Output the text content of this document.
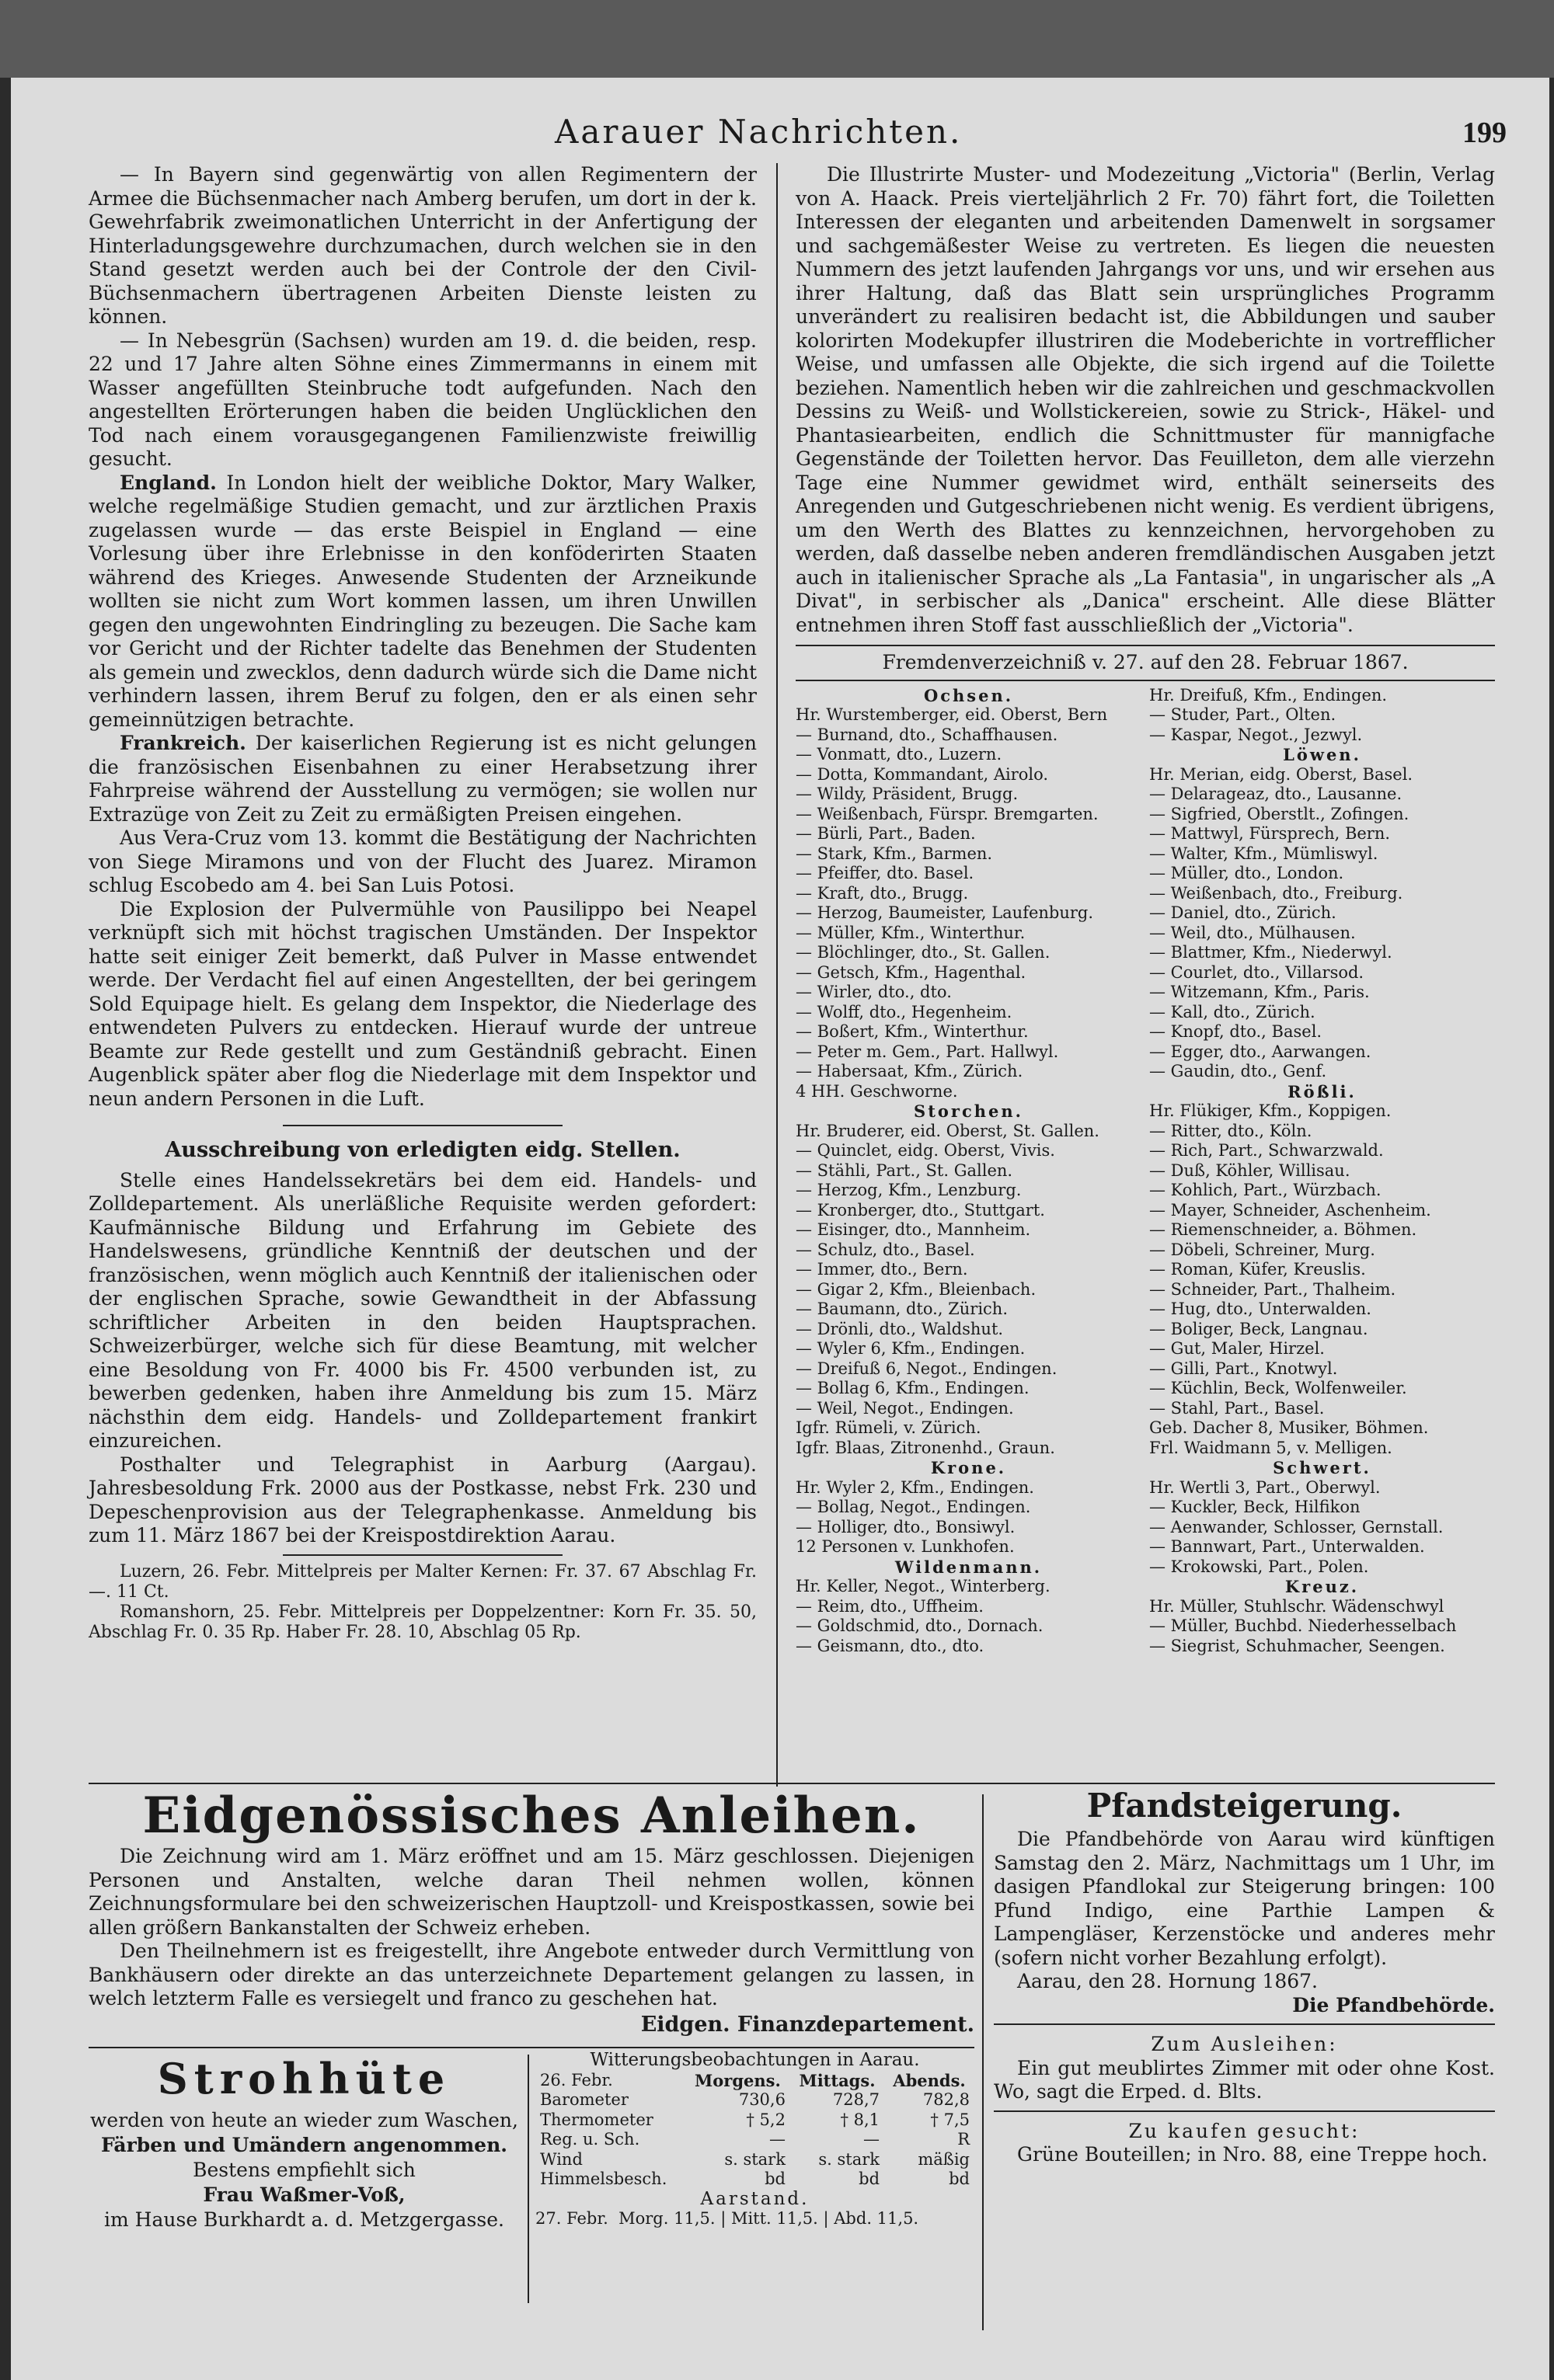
Aarauer Nachrichten.	199

— In Bayern sind gegenwärtig von allen Regimentern der Armee die Büchsenmacher nach Amberg berufen, um dort in der k. Gewehrfabrik zweimonatlichen Unterricht in der Anfertigung der Hinterladungsgewehre durchzumachen, durch welchen sie in den Stand gesetzt werden auch bei der Controle der den Civil-Büchsenmachern übertragenen Arbeiten Dienste leisten zu können.

— In Nebesgrün (Sachsen) wurden am 19. d. die beiden, resp. 22 und 17 Jahre alten Söhne eines Zimmermanns in einem mit Wasser angefüllten Steinbruche todt aufgefunden. Nach den angestellten Erörterungen haben die beiden Unglücklichen den Tod nach einem vorausgegangenen Familienzwiste freiwillig gesucht.

England. In London hielt der weibliche Doktor, Mary Walker, welche regelmäßige Studien gemacht, und zur ärztlichen Praxis zugelassen wurde — das erste Beispiel in England — eine Vorlesung über ihre Erlebnisse in den konföderirten Staaten während des Krieges. Anwesende Studenten der Arzneikunde wollten sie nicht zum Wort kommen lassen, um ihren Unwillen gegen den ungewohnten Eindringling zu bezeugen. Die Sache kam vor Gericht und der Richter tadelte das Benehmen der Studenten als gemein und zwecklos, denn dadurch würde sich die Dame nicht verhindern lassen, ihrem Beruf zu folgen, den er als einen sehr gemeinnützigen betrachte.

Frankreich. Der kaiserlichen Regierung ist es nicht gelungen die französischen Eisenbahnen zu einer Herabsetzung ihrer Fahrpreise während der Ausstellung zu vermögen; sie wollen nur Extrazüge von Zeit zu Zeit zu ermäßigten Preisen eingehen.

Aus Vera-Cruz vom 13. kommt die Bestätigung der Nachrichten von Siege Miramons und von der Flucht des Juarez. Miramon schlug Escobedo am 4. bei San Luis Potosi.

Die Explosion der Pulvermühle von Pausilippo bei Neapel verknüpft sich mit höchst tragischen Umständen. Der Inspektor hatte seit einiger Zeit bemerkt, daß Pulver in Masse entwendet werde. Der Verdacht fiel auf einen Angestellten, der bei geringem Sold Equipage hielt. Es gelang dem Inspektor, die Niederlage des entwendeten Pulvers zu entdecken. Hierauf wurde der untreue Beamte zur Rede gestellt und zum Geständniß gebracht. Einen Augenblick später aber flog die Niederlage mit dem Inspektor und neun andern Personen in die Luft.

Ausschreibung von erledigten eidg. Stellen.

Stelle eines Handelssekretärs bei dem eid. Handels- und Zolldepartement. Als unerläßliche Requisite werden gefordert: Kaufmännische Bildung und Erfahrung im Gebiete des Handelswesens, gründliche Kenntniß der deutschen und der französischen, wenn möglich auch Kenntniß der italienischen oder der englischen Sprache, sowie Gewandtheit in der Abfassung schriftlicher Arbeiten in den beiden Hauptsprachen. Schweizerbürger, welche sich für diese Beamtung, mit welcher eine Besoldung von Fr. 4000 bis Fr. 4500 verbunden ist, zu bewerben gedenken, haben ihre Anmeldung bis zum 15. März nächsthin dem eidg. Handels- und Zolldepartement frankirt einzureichen.

Posthalter und Telegraphist in Aarburg (Aargau). Jahresbesoldung Frk. 2000 aus der Postkasse, nebst Frk. 230 und Depeschenprovision aus der Telegraphenkasse. Anmeldung bis zum 11. März 1867 bei der Kreispostdirektion Aarau.

Luzern, 26. Febr. Mittelpreis per Malter Kernen: Fr. 37. 67 Abschlag Fr. —. 11 Ct.

Romanshorn, 25. Febr. Mittelpreis per Doppelzentner: Korn Fr. 35. 50, Abschlag Fr. 0. 35 Rp. Haber Fr. 28. 10, Abschlag 05 Rp.

Die Illustrirte Muster- und Modezeitung „Victoria" (Berlin, Verlag von A. Haack. Preis vierteljährlich 2 Fr. 70) fährt fort, die Toiletten Interessen der eleganten und arbeitenden Damenwelt in sorgsamer und sachgemäßester Weise zu vertreten. Es liegen die neuesten Nummern des jetzt laufenden Jahrgangs vor uns, und wir ersehen aus ihrer Haltung, daß das Blatt sein ursprüngliches Programm unverändert zu realisiren bedacht ist, die Abbildungen und sauber kolorirten Modekupfer illustriren die Modeberichte in vortrefflicher Weise, und umfassen alle Objekte, die sich irgend auf die Toilette beziehen. Namentlich heben wir die zahlreichen und geschmackvollen Dessins zu Weiß- und Wollstickereien, sowie zu Strick-, Häkel- und Phantasiearbeiten, endlich die Schnittmuster für mannigfache Gegenstände der Toiletten hervor. Das Feuilleton, dem alle vierzehn Tage eine Nummer gewidmet wird, enthält seinerseits des Anregenden und Gutgeschriebenen nicht wenig. Es verdient übrigens, um den Werth des Blattes zu kennzeichnen, hervorgehoben zu werden, daß dasselbe neben anderen fremdländischen Ausgaben jetzt auch in italienischer Sprache als „La Fantasia", in ungarischer als „A Divat", in serbischer als „Danica" erscheint. Alle diese Blätter entnehmen ihren Stoff fast ausschließlich der „Victoria".

Fremdenverzeichniß v. 27. auf den 28. Februar 1867.
Ochsen.
Hr. Wurstemberger, eid. Oberst, Bern
— Burnand, dto., Schaffhausen.
— Vonmatt, dto., Luzern.
— Dotta, Kommandant, Airolo.
— Wildy, Präsident, Brugg.
— Weißenbach, Fürspr. Bremgarten.
— Bürli, Part., Baden.
— Stark, Kfm., Barmen.
— Pfeiffer, dto. Basel.
— Kraft, dto., Brugg.
— Herzog, Baumeister, Laufenburg.
— Müller, Kfm., Winterthur.
— Blöchlinger, dto., St. Gallen.
— Getsch, Kfm., Hagenthal.
— Wirler, dto., dto.
— Wolff, dto., Hegenheim.
— Boßert, Kfm., Winterthur.
— Peter m. Gem., Part. Hallwyl.
— Habersaat, Kfm., Zürich.
4 HH. Geschworne.
Storchen.
Hr. Bruderer, eid. Oberst, St. Gallen.
— Quinclet, eidg. Oberst, Vivis.
— Stähli, Part., St. Gallen.
— Herzog, Kfm., Lenzburg.
— Kronberger, dto., Stuttgart.
— Eisinger, dto., Mannheim.
— Schulz, dto., Basel.
— Immer, dto., Bern.
— Gigar 2, Kfm., Bleienbach.
— Baumann, dto., Zürich.
— Drönli, dto., Waldshut.
— Wyler 6, Kfm., Endingen.
— Dreifuß 6, Negot., Endingen.
— Bollag 6, Kfm., Endingen.
— Weil, Negot., Endingen.
Igfr. Rümeli, v. Zürich.
Igfr. Blaas, Zitronenhd., Graun.
Krone.
Hr. Wyler 2, Kfm., Endingen.
— Bollag, Negot., Endingen.
— Holliger, dto., Bonsiwyl.
12 Personen v. Lunkhofen.
Wildenmann.
Hr. Keller, Negot., Winterberg.
— Reim, dto., Uffheim.
— Goldschmid, dto., Dornach.
— Geismann, dto., dto.
Hr. Dreifuß, Kfm., Endingen.
— Studer, Part., Olten.
— Kaspar, Negot., Jezwyl.
Löwen.
Hr. Merian, eidg. Oberst, Basel.
— Delarageaz, dto., Lausanne.
— Sigfried, Oberstlt., Zofingen.
— Mattwyl, Fürsprech, Bern.
— Walter, Kfm., Mümliswyl.
— Müller, dto., London.
— Weißenbach, dto., Freiburg.
— Daniel, dto., Zürich.
— Weil, dto., Mülhausen.
— Blattmer, Kfm., Niederwyl.
— Courlet, dto., Villarsod.
— Witzemann, Kfm., Paris.
— Kall, dto., Zürich.
— Knopf, dto., Basel.
— Egger, dto., Aarwangen.
— Gaudin, dto., Genf.
Rößli.
Hr. Flükiger, Kfm., Koppigen.
— Ritter, dto., Köln.
— Rich, Part., Schwarzwald.
— Duß, Köhler, Willisau.
— Kohlich, Part., Würzbach.
— Mayer, Schneider, Aschenheim.
— Riemenschneider, a. Böhmen.
— Döbeli, Schreiner, Murg.
— Roman, Küfer, Kreuslis.
— Schneider, Part., Thalheim.
— Hug, dto., Unterwalden.
— Boliger, Beck, Langnau.
— Gut, Maler, Hirzel.
— Gilli, Part., Knotwyl.
— Küchlin, Beck, Wolfenweiler.
— Stahl, Part., Basel.
Geb. Dacher 8, Musiker, Böhmen.
Frl. Waidmann 5, v. Melligen.
Schwert.
Hr. Wertli 3, Part., Oberwyl.
— Kuckler, Beck, Hilfikon
— Aenwander, Schlosser, Gernstall.
— Bannwart, Part., Unterwalden.
— Krokowski, Part., Polen.
Kreuz.
Hr. Müller, Stuhlschr. Wädenschwyl
— Müller, Buchbd. Niederhesselbach
— Siegrist, Schuhmacher, Seengen.
Eidgenössisches Anleihen.

Die Zeichnung wird am 1. März eröffnet und am 15. März geschlossen. Diejenigen Personen und Anstalten, welche daran Theil nehmen wollen, können Zeichnungsformulare bei den schweizerischen Hauptzoll- und Kreispostkassen, sowie bei allen größern Bankanstalten der Schweiz erheben.

Den Theilnehmern ist es freigestellt, ihre Angebote entweder durch Vermittlung von Bankhäusern oder direkte an das unterzeichnete Departement gelangen zu lassen, in welch letzterm Falle es versiegelt und franco zu geschehen hat.

Eidgen. Finanzdepartement.
Pfandsteigerung.

Die Pfandbehörde von Aarau wird künftigen Samstag den 2. März, Nachmittags um 1 Uhr, im dasigen Pfandlokal zur Steigerung bringen: 100 Pfund Indigo, eine Parthie Lampen & Lampengläser, Kerzenstöcke und anderes mehr (sofern nicht vorher Bezahlung erfolgt).

Aarau, den 28. Hornung 1867.

Die Pfandbehörde.

Zum Ausleihen:

Ein gut meublirtes Zimmer mit oder ohne Kost. Wo, sagt die Erped. d. Blts.

Zu kaufen gesucht:

Grüne Bouteillen; in Nro. 88, eine Treppe hoch.

Strohhüte

werden von heute an wieder zum Waschen,

Färben und Umändern angenommen.

Bestens empfiehlt sich

Frau Waßmer-Voß,

im Hause Burkhardt a. d. Metzgergasse.

Witterungsbeobachtungen in Aarau.
26. Febr.	Morgens.	Mittags.	Abends.
Barometer	730,6	728,7	782,8
Thermometer	† 5,2	† 8,1	† 7,5
Reg. u. Sch.	—	—	R
Wind	s. stark	s. stark	mäßig
Himmelsbesch.	bd	bd	bd
Aarstand.
27. Febr.  Morg. 11,5. | Mitt. 11,5. | Abd. 11,5.
